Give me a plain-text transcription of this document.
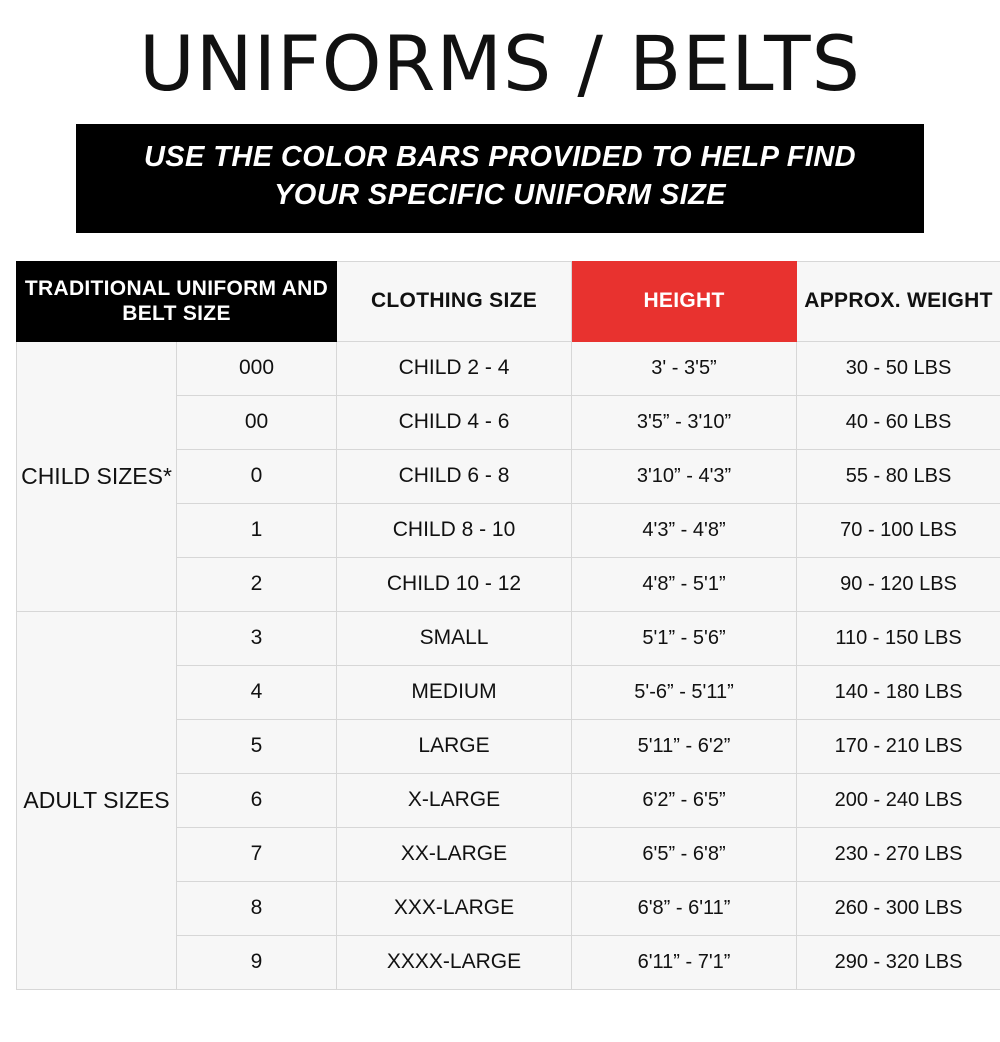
UNIFORMS / BELTS
USE THE COLOR BARS PROVIDED TO HELP FIND
YOUR SPECIFIC UNIFORM SIZE
TRADITIONAL UNIFORM AND BELT SIZE		CLOTHING SIZE	HEIGHT	APPROX. WEIGHT
CHILD SIZES*	000	CHILD 2 - 4	3' - 3'5”	30 - 50 LBS
	00	CHILD 4 - 6	3'5” - 3'10”	40 - 60 LBS
	0	CHILD 6 - 8	3'10” - 4'3”	55 - 80 LBS
	1	CHILD 8 - 10	4'3” - 4'8”	70 - 100 LBS
	2	CHILD 10 - 12	4'8” - 5'1”	90 - 120 LBS
ADULT SIZES	3	SMALL	5'1” - 5'6”	110 - 150 LBS
	4	MEDIUM	5'-6” - 5'11”	140 - 180 LBS
	5	LARGE	5'11” - 6'2”	170 - 210 LBS
	6	X-LARGE	6'2” - 6'5”	200 - 240 LBS
	7	XX-LARGE	6'5” - 6'8”	230 - 270 LBS
	8	XXX-LARGE	6'8” - 6'11”	260 - 300 LBS
	9	XXXX-LARGE	6'11” - 7'1”	290 - 320 LBS
